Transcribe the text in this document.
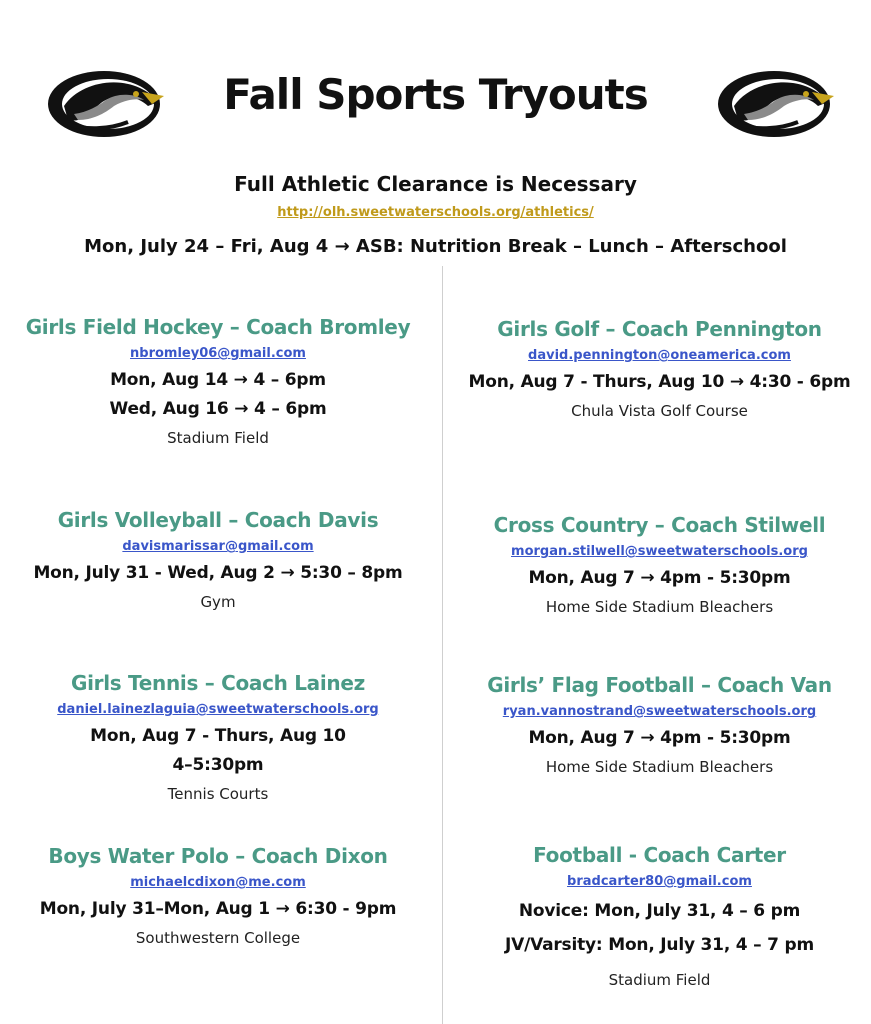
Fall Sports Tryouts
Full Athletic Clearance is Necessary
http://olh.sweetwaterschools.org/athletics/
Mon, July 24 – Fri, Aug 4 → ASB: Nutrition Break – Lunch – Afterschool
Girls Field Hockey – Coach Bromley
nbromley06@gmail.com
Mon, Aug 14 → 4 – 6pm
Wed, Aug 16 → 4 – 6pm
Stadium Field
Girls Volleyball – Coach Davis
davismarissar@gmail.com
Mon, July 31 - Wed, Aug 2 → 5:30 – 8pm
Gym
Girls Tennis – Coach Lainez
daniel.lainezlaguia@sweetwaterschools.org
Mon, Aug 7 - Thurs, Aug 10
4–5:30pm
Tennis Courts
Boys Water Polo – Coach Dixon
michaelcdixon@me.com
Mon, July 31–Mon, Aug 1 → 6:30 - 9pm
Southwestern College
Girls Golf – Coach Pennington
david.pennington@oneamerica.com
Mon, Aug 7 - Thurs, Aug 10 → 4:30 - 6pm
Chula Vista Golf Course
Cross Country – Coach Stilwell
morgan.stilwell@sweetwaterschools.org
Mon, Aug 7 → 4pm - 5:30pm
Home Side Stadium Bleachers
Girls’ Flag Football – Coach Van
ryan.vannostrand@sweetwaterschools.org
Mon, Aug 7 → 4pm - 5:30pm
Home Side Stadium Bleachers
Football - Coach Carter
bradcarter80@gmail.com
Novice: Mon, July 31, 4 – 6 pm
JV/Varsity: Mon, July 31, 4 – 7 pm
Stadium Field
